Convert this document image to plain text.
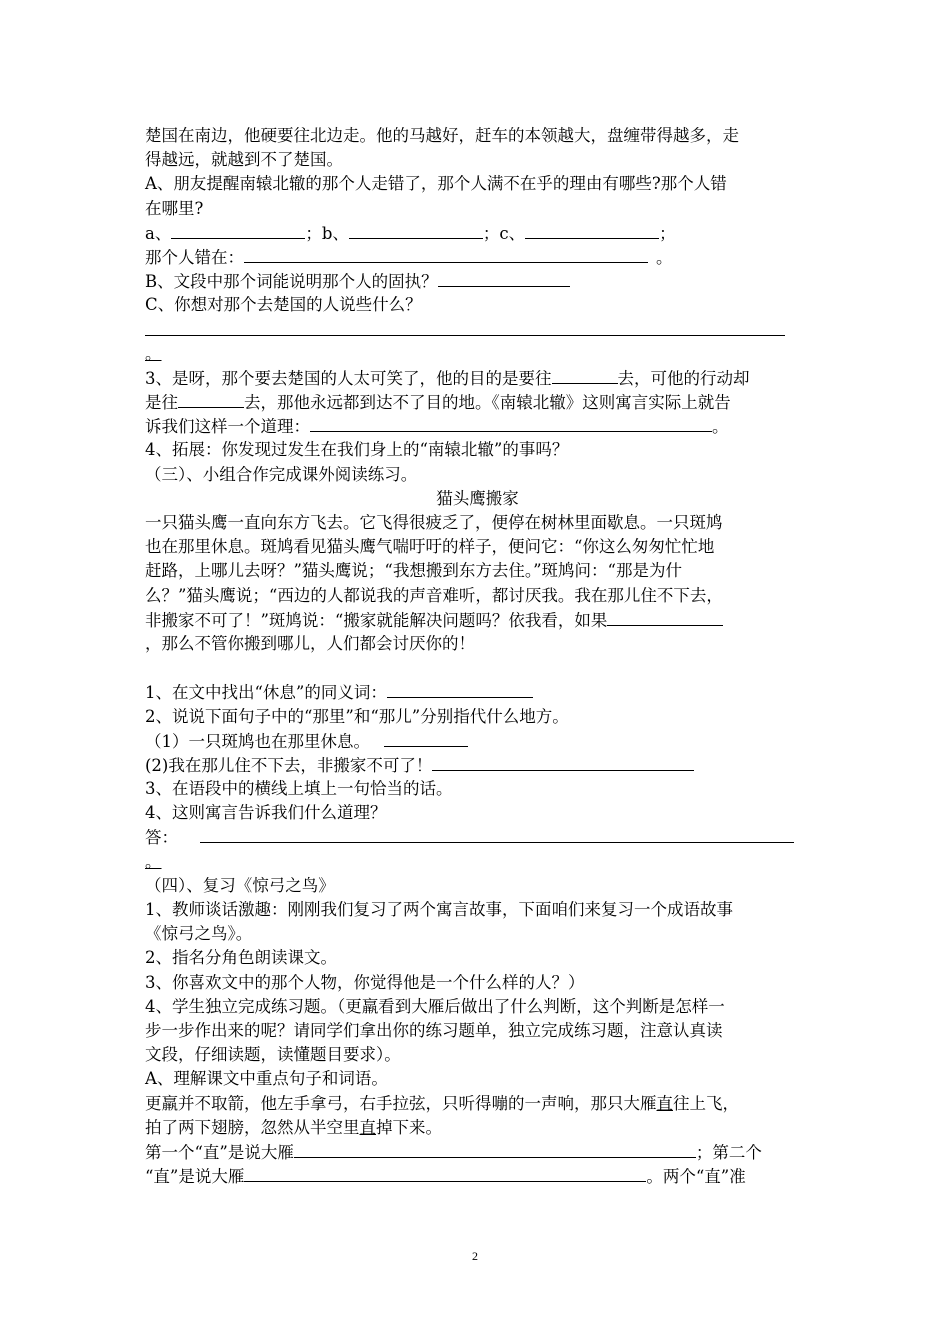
楚国在南边，他硬要往北边走。他的马越好，赶车的本领越大，盘缠带得越多，走
得越远，就越到不了楚国。
A、朋友提醒南辕北辙的那个人走错了，那个人满不在乎的理由有哪些?那个人错
在哪里?
a、	；b、	；c、	；
那个人错在：	。
B、文段中那个词能说明那个人的固执？
C、你想对那个去楚国的人说些什么？
。
3、是呀，那个要去楚国的人太可笑了，他的目的是要往	去，可他的行动却
是往	去，那他永远都到达不了目的地。《南辕北辙》这则寓言实际上就告
诉我们这样一个道理：	。
4、拓展：你发现过发生在我们身上的“南辕北辙”的事吗？
（三）、小组合作完成课外阅读练习。
猫头鹰搬家
一只猫头鹰一直向东方飞去。它飞得很疲乏了，便停在树林里面歇息。一只斑鸠
也在那里休息。斑鸠看见猫头鹰气喘吁吁的样子，便问它：“你这么匆匆忙忙地
赶路，上哪儿去呀？”猫头鹰说；“我想搬到东方去住。”斑鸠问：“那是为什
么？”猫头鹰说；“西边的人都说我的声音难听，都讨厌我。我在那儿住不下去，
非搬家不可了！”斑鸠说：“搬家就能解决问题吗？依我看，如果
，那么不管你搬到哪儿，人们都会讨厌你的！
1、在文中找出“休息”的同义词：
2、说说下面句子中的“那里”和“那儿”分别指代什么地方。
（1）一只斑鸠也在那里休息。
(2)我在那儿住不下去，非搬家不可了！
3、在语段中的横线上填上一句恰当的话。
4、这则寓言告诉我们什么道理？
答：
。
（四）、复习《惊弓之鸟》
1、教师谈话激趣：刚刚我们复习了两个寓言故事，下面咱们来复习一个成语故事
《惊弓之鸟》。
2、指名分角色朗读课文。
3、你喜欢文中的那个人物，你觉得他是一个什么样的人？）
4、学生独立完成练习题。（更羸看到大雁后做出了什么判断，这个判断是怎样一
步一步作出来的呢？请同学们拿出你的练习题单，独立完成练习题，注意认真读
文段，仔细读题，读懂题目要求）。
A、理解课文中重点句子和词语。
更羸并不取箭，他左手拿弓，右手拉弦，只听得嘣的一声响，那只大雁直往上飞，
拍了两下翅膀，忽然从半空里直掉下来。
第一个“直”是说大雁	；第二个
“直”是说大雁	。两个“直”准
2
